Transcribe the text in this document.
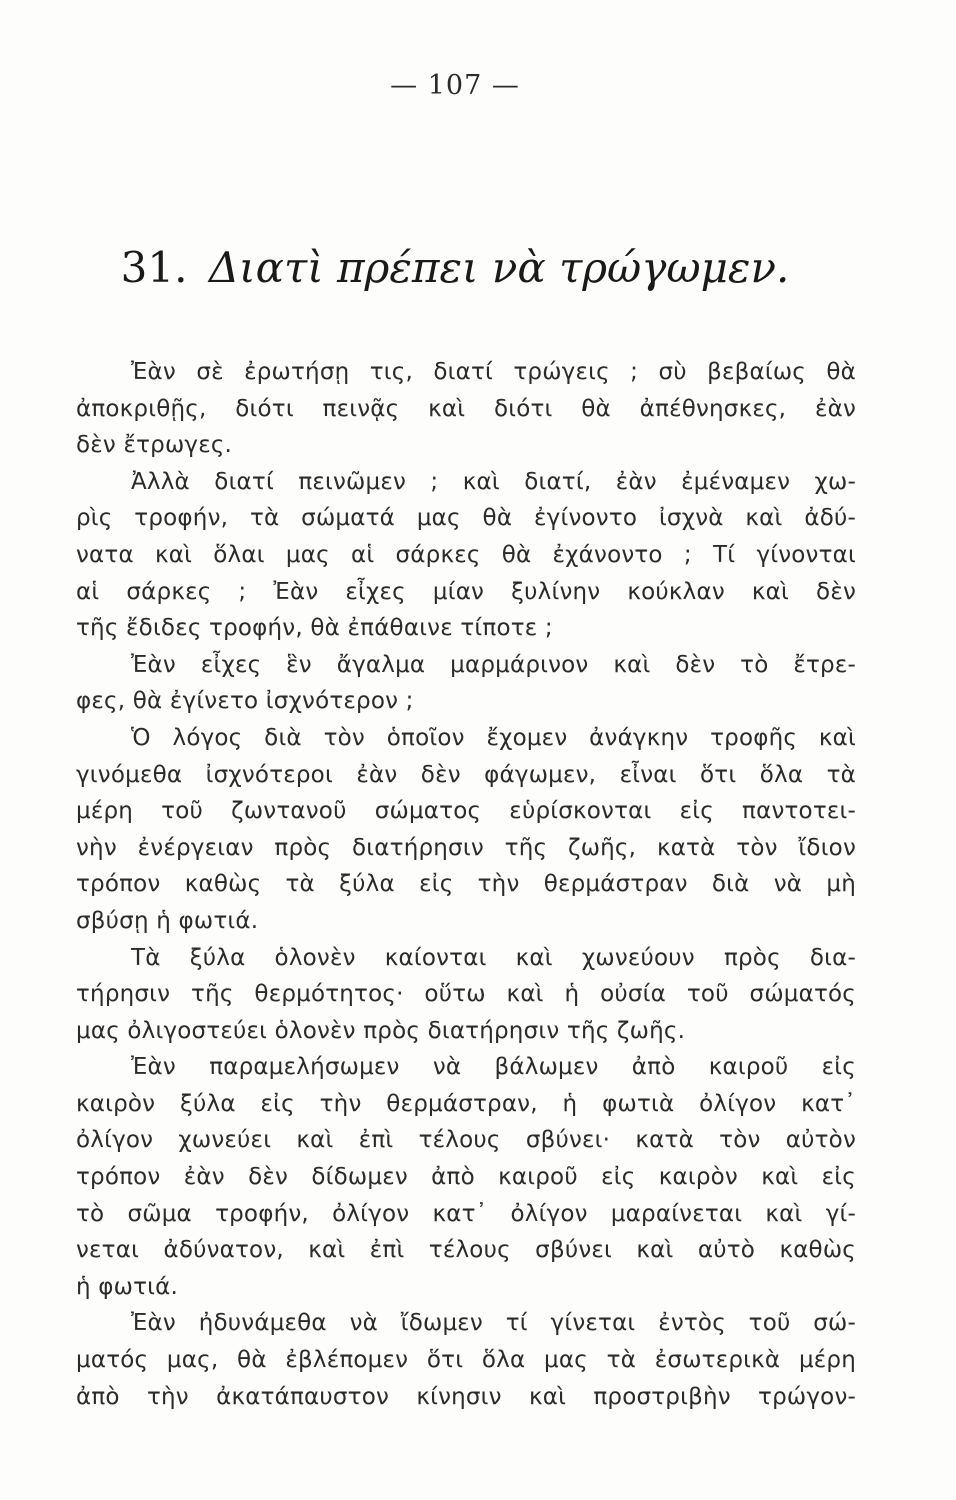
— 107 —
31. Διατὶ πρέπει νὰ τρώγωμεν.
Ἐὰν σὲ ἐρωτήσῃ τις, διατί τρώγεις ; σὺ βεβαίως θὰ
ἀποκριθῇς, διότι πεινᾷς καὶ διότι θὰ ἀπέθνησκες, ἐὰν
δὲν ἔτρωγες.
Ἀλλὰ διατί πεινῶμεν ; καὶ διατί, ἐὰν ἐμέναμεν χω-
ρὶς τροφήν, τὰ σώματά μας θὰ ἐγίνοντο ἰσχνὰ καὶ ἀδύ-
νατα καὶ ὅλαι μας αἱ σάρκες θὰ ἐχάνοντο ; Τί γίνονται
αἱ σάρκες ; Ἐὰν εἶχες μίαν ξυλίνην κούκλαν καὶ δὲν
τῆς ἔδιδες τροφήν, θὰ ἐπάθαινε τίποτε ;
Ἐὰν εἶχες ἓν ἄγαλμα μαρμάρινον καὶ δὲν τὸ ἔτρε-
φες, θὰ ἐγίνετο ἰσχνότερον ;
Ὁ λόγος διὰ τὸν ὁποῖον ἔχομεν ἀνάγκην τροφῆς καὶ
γινόμεθα ἰσχνότεροι ἐὰν δὲν φάγωμεν, εἶναι ὅτι ὅλα τὰ
μέρη τοῦ ζωντανοῦ σώματος εὑρίσκονται εἰς παντοτει-
νὴν ἐνέργειαν πρὸς διατήρησιν τῆς ζωῆς, κατὰ τὸν ἴδιον
τρόπον καθὼς τὰ ξύλα εἰς τὴν θερμάστραν διὰ νὰ μὴ
σβύσῃ ἡ φωτιά.
Τὰ ξύλα ὁλονὲν καίονται καὶ χωνεύουν πρὸς δια-
τήρησιν τῆς θερμότητος· οὕτω καὶ ἡ οὐσία τοῦ σώματός
μας ὀλιγοστεύει ὁλονὲν πρὸς διατήρησιν τῆς ζωῆς.
Ἐὰν παραμελήσωμεν νὰ βάλωμεν ἀπὸ καιροῦ εἰς
καιρὸν ξύλα εἰς τὴν θερμάστραν, ἡ φωτιὰ ὀλίγον κατ᾿
ὀλίγον χωνεύει καὶ ἐπὶ τέλους σβύνει· κατὰ τὸν αὐτὸν
τρόπον ἐὰν δὲν δίδωμεν ἀπὸ καιροῦ εἰς καιρὸν καὶ εἰς
τὸ σῶμα τροφήν, ὀλίγον κατ᾿ ὀλίγον μαραίνεται καὶ γί-
νεται ἀδύνατον, καὶ ἐπὶ τέλους σβύνει καὶ αὐτὸ καθὼς
ἡ φωτιά.
Ἐὰν ἠδυνάμεθα νὰ ἴδωμεν τί γίνεται ἐντὸς τοῦ σώ-
ματός μας, θὰ ἐβλέπομεν ὅτι ὅλα μας τὰ ἐσωτερικὰ μέρη
ἀπὸ τὴν ἀκατάπαυστον κίνησιν καὶ προστριβὴν τρώγον-
